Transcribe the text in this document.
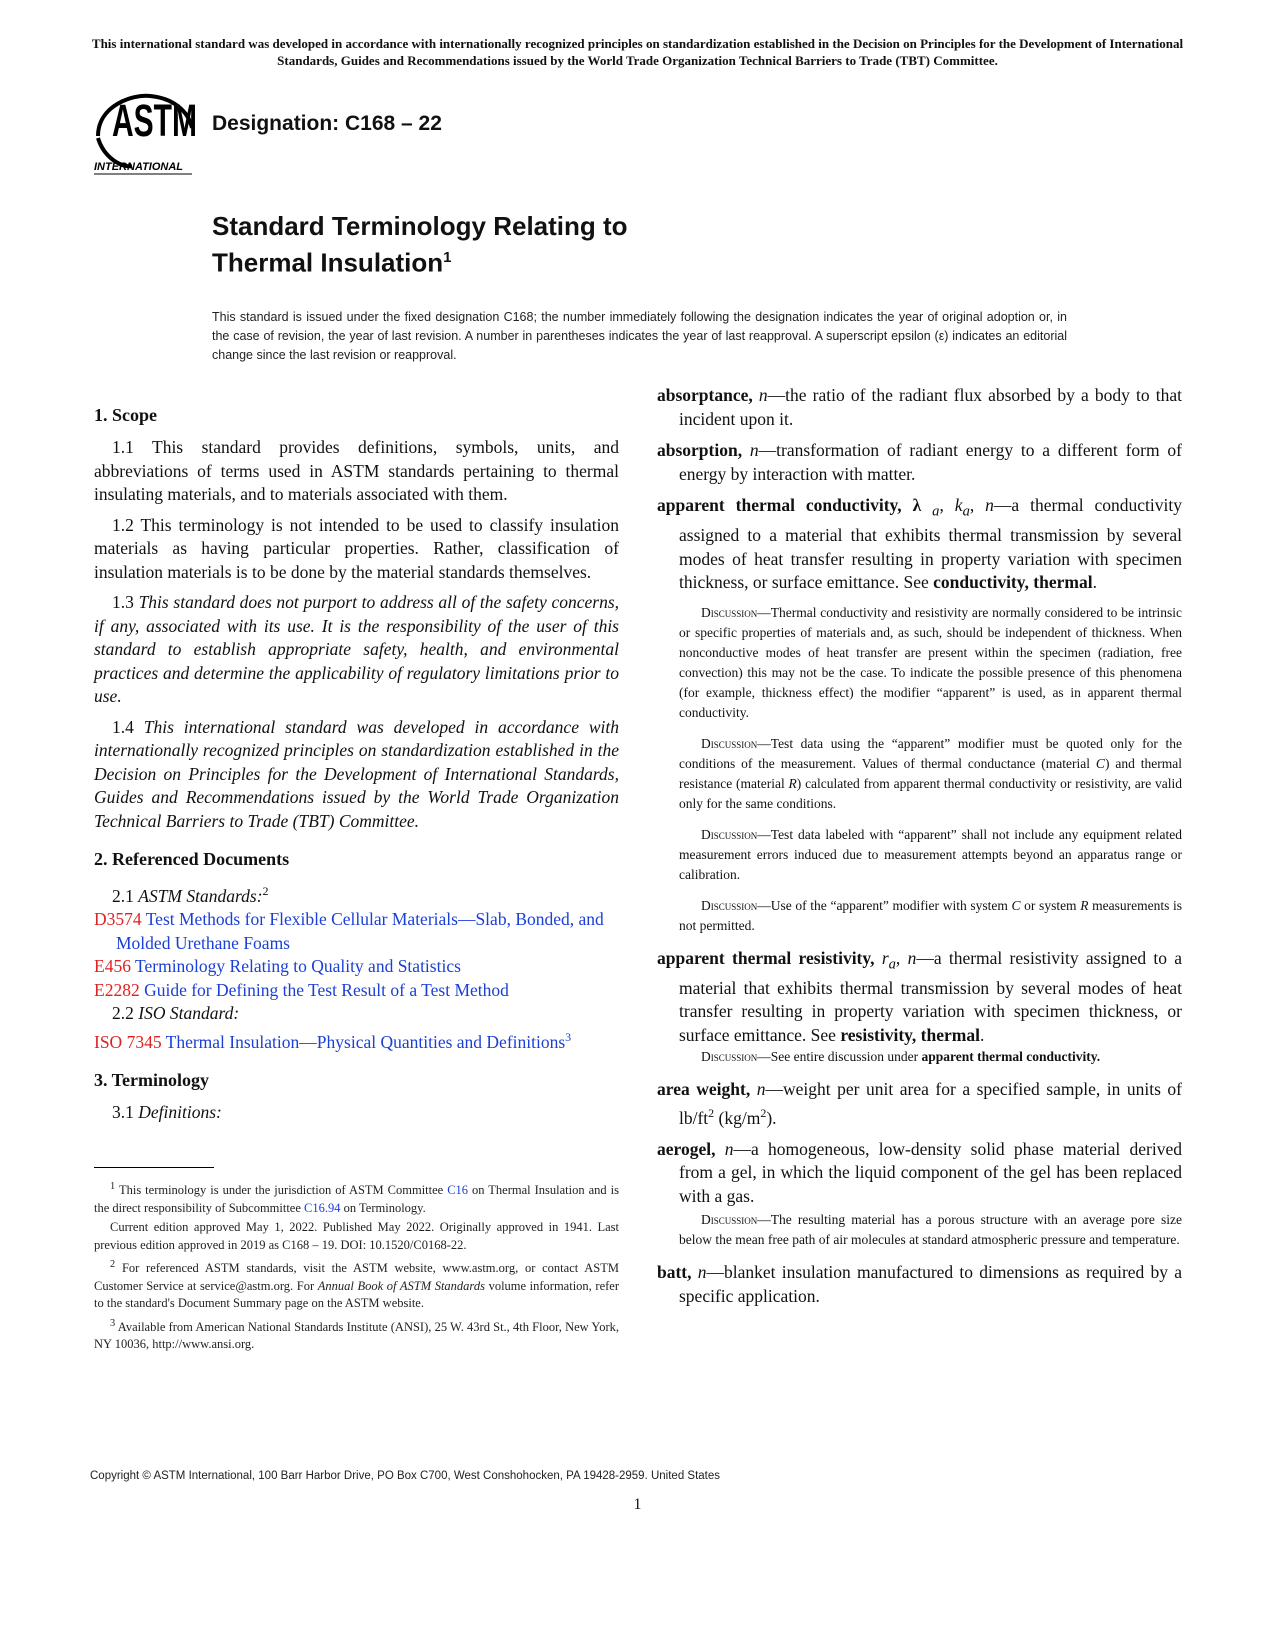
This international standard was developed in accordance with internationally recognized principles on standardization established in the Decision on Principles for the Development of International Standards, Guides and Recommendations issued by the World Trade Organization Technical Barriers to Trade (TBT) Committee.
ASTM
INTERNATIONAL
Designation: C168 – 22
Standard Terminology Relating to
Thermal Insulation$^1$
This standard is issued under the fixed designation C168; the number immediately following the designation indicates the year of original adoption or, in the case of revision, the year of last revision. A number in parentheses indicates the year of last reapproval. A superscript epsilon (ε) indicates an editorial change since the last revision or reapproval.
1. Scope

1.1 This standard provides definitions, symbols, units, and abbreviations of terms used in ASTM standards pertaining to thermal insulating materials, and to materials associated with them.

1.2 This terminology is not intended to be used to classify insulation materials as having particular properties. Rather, classification of insulation materials is to be done by the material standards themselves.

1.3 This standard does not purport to address all of the safety concerns, if any, associated with its use. It is the responsibility of the user of this standard to establish appropriate safety, health, and environmental practices and determine the applicability of regulatory limitations prior to use.

1.4 This international standard was developed in accordance with internationally recognized principles on standardization established in the Decision on Principles for the Development of International Standards, Guides and Recommendations issued by the World Trade Organization Technical Barriers to Trade (TBT) Committee.

2. Referenced Documents

2.1 ASTM Standards:$^2$

D3574 Test Methods for Flexible Cellular Materials—Slab, Bonded, and Molded Urethane Foams

E456 Terminology Relating to Quality and Statistics

E2282 Guide for Defining the Test Result of a Test Method

2.2 ISO Standard:

ISO 7345 Thermal Insulation—Physical Quantities and Definitions$^3$

3. Terminology

3.1 Definitions:

$^1$ This terminology is under the jurisdiction of ASTM Committee C16 on Thermal Insulation and is the direct responsibility of Subcommittee C16.94 on Terminology.

Current edition approved May 1, 2022. Published May 2022. Originally approved in 1941. Last previous edition approved in 2019 as C168 – 19. DOI: 10.1520/C0168-22.

$^2$ For referenced ASTM standards, visit the ASTM website, www.astm.org, or contact ASTM Customer Service at service@astm.org. For Annual Book of ASTM Standards volume information, refer to the standard's Document Summary page on the ASTM website.

$^3$ Available from American National Standards Institute (ANSI), 25 W. 43rd St., 4th Floor, New York, NY 10036, http://www.ansi.org.

absorptance, n—the ratio of the radiant flux absorbed by a body to that incident upon it.

absorption, n—transformation of radiant energy to a different form of energy by interaction with matter.

apparent thermal conductivity, λ $_a$, $k_a$, n—a thermal conductivity assigned to a material that exhibits thermal transmission by several modes of heat transfer resulting in property variation with specimen thickness, or surface emittance. See conductivity, thermal.

Discussion—Thermal conductivity and resistivity are normally considered to be intrinsic or specific properties of materials and, as such, should be independent of thickness. When nonconductive modes of heat transfer are present within the specimen (radiation, free convection) this may not be the case. To indicate the possible presence of this phenomena (for example, thickness effect) the modifier “apparent” is used, as in apparent thermal conductivity.

Discussion—Test data using the “apparent” modifier must be quoted only for the conditions of the measurement. Values of thermal conductance (material C) and thermal resistance (material R) calculated from apparent thermal conductivity or resistivity, are valid only for the same conditions.

Discussion—Test data labeled with “apparent” shall not include any equipment related measurement errors induced due to measurement attempts beyond an apparatus range or calibration.

Discussion—Use of the “apparent” modifier with system C or system R measurements is not permitted.

apparent thermal resistivity, $r_a$, n—a thermal resistivity assigned to a material that exhibits thermal transmission by several modes of heat transfer resulting in property variation with specimen thickness, or surface emittance. See resistivity, thermal.

Discussion—See entire discussion under apparent thermal conductivity.

area weight, n—weight per unit area for a specified sample, in units of $lb/ft^2$ $(kg/m^2)$.

aerogel, n—a homogeneous, low-density solid phase material derived from a gel, in which the liquid component of the gel has been replaced with a gas.

Discussion—The resulting material has a porous structure with an average pore size below the mean free path of air molecules at standard atmospheric pressure and temperature.

batt, n—blanket insulation manufactured to dimensions as required by a specific application.

Copyright © ASTM International, 100 Barr Harbor Drive, PO Box C700, West Conshohocken, PA 19428-2959. United States
1
